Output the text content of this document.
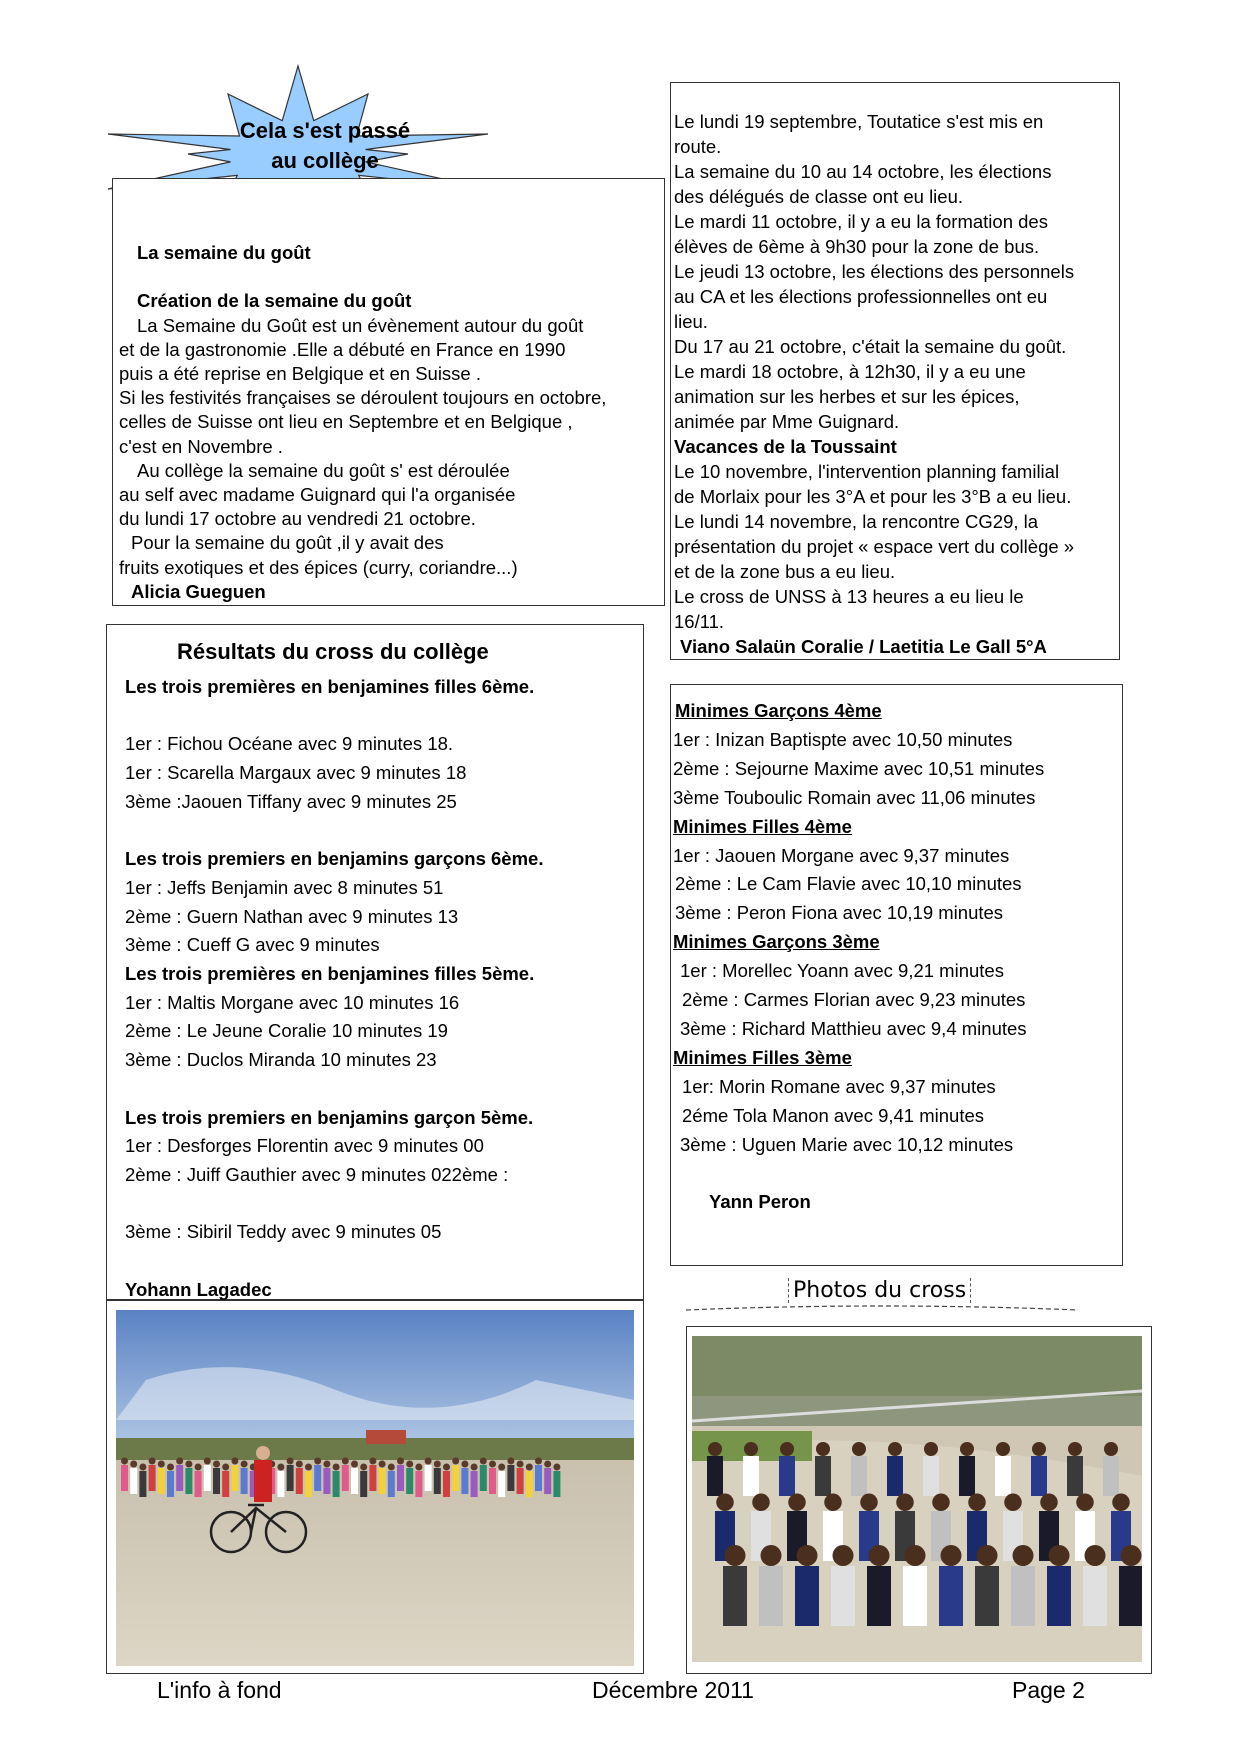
Cela s'est passé
au collège

La semaine du goût

Création de la semaine du goût

La Semaine du Goût est un évènement autour du goût

et de la gastronomie .Elle a débuté en France en 1990

puis a été reprise en Belgique et en Suisse .

Si les festivités françaises se déroulent toujours en octobre,

celles de Suisse ont lieu en Septembre et en Belgique ,

c'est en Novembre .

Au collège la semaine du goût s' est déroulée

au self avec madame Guignard qui l'a organisée

du lundi 17 octobre au vendredi 21 octobre.

Pour la semaine du goût ,il y avait des

fruits exotiques et des épices (curry, coriandre...)

Alicia Gueguen

Le lundi 19 septembre, Toutatice s'est mis en

route.

La semaine du 10 au 14 octobre, les élections

des délégués de classe ont eu lieu.

Le mardi 11 octobre, il y a eu la formation des

élèves de 6ème à 9h30 pour la zone de bus.

Le jeudi 13 octobre, les élections des personnels

au CA et les élections professionnelles ont eu

lieu.

Du 17 au 21 octobre, c'était la semaine du goût.

Le mardi 18 octobre, à 12h30, il y a eu une

animation sur les herbes et sur les épices,

animée par Mme Guignard.

Vacances de la Toussaint

Le 10 novembre, l'intervention planning familial

de Morlaix pour les 3°A et pour les 3°B a eu lieu.

Le lundi 14 novembre, la rencontre CG29, la

présentation du projet « espace vert du collège »

et de la zone bus a eu lieu.

Le cross de UNSS à 13 heures a eu lieu le

16/11.

Viano Salaün Coralie / Laetitia Le Gall 5°A

Résultats du cross du collège

Les trois premières en benjamines filles 6ème.

1er : Fichou Océane avec 9 minutes 18.

1er : Scarella Margaux avec 9 minutes 18

3ème :Jaouen Tiffany avec 9 minutes 25

Les trois premiers en benjamins garçons 6ème.

1er : Jeffs Benjamin avec 8 minutes 51

2ème : Guern Nathan avec 9 minutes 13

3ème : Cueff G avec 9 minutes

Les trois premières en benjamines filles 5ème.

1er : Maltis Morgane avec 10 minutes 16

2ème : Le Jeune Coralie 10 minutes 19

3ème : Duclos Miranda 10 minutes 23

Les trois premiers en benjamins garçon 5ème.

1er : Desforges Florentin avec 9 minutes 00

2ème : Juiff Gauthier avec 9 minutes 022ème :

3ème : Sibiril Teddy avec 9 minutes 05

Yohann Lagadec

Minimes Garçons 4ème

1er : Inizan Baptispte avec 10,50 minutes

2ème : Sejourne Maxime avec 10,51 minutes

3ème Touboulic Romain avec 11,06 minutes

Minimes Filles 4ème

1er : Jaouen Morgane avec 9,37 minutes

2ème : Le Cam Flavie avec 10,10 minutes

3ème : Peron Fiona avec 10,19 minutes

Minimes Garçons 3ème

1er : Morellec Yoann avec 9,21 minutes

2ème : Carmes Florian avec 9,23 minutes

3ème : Richard Matthieu avec 9,4 minutes

Minimes Filles 3ème

1er: Morin Romane avec 9,37 minutes

2éme Tola Manon avec 9,41 minutes

3ème : Uguen Marie avec 10,12 minutes

Yann Peron

Photos du cross
L'info à fond	Décembre 2011	Page 2
